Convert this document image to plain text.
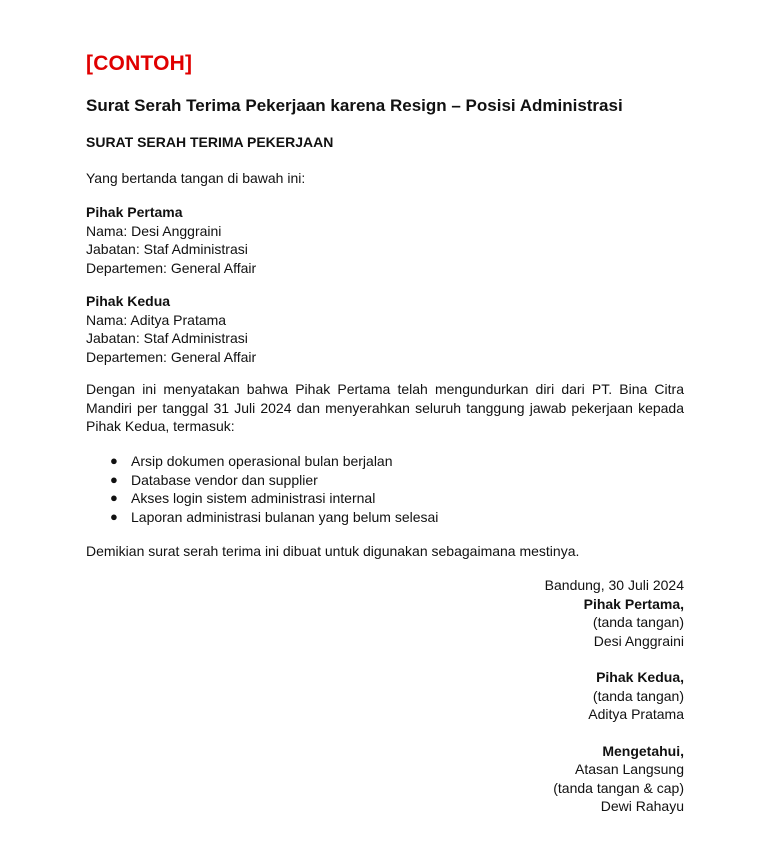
[CONTOH]
Surat Serah Terima Pekerjaan karena Resign – Posisi Administrasi
SURAT SERAH TERIMA PEKERJAAN
Yang bertanda tangan di bawah ini:
Pihak Pertama
Nama: Desi Anggraini
Jabatan: Staf Administrasi
Departemen: General Affair
Pihak Kedua
Nama: Aditya Pratama
Jabatan: Staf Administrasi
Departemen: General Affair
Dengan ini menyatakan bahwa Pihak Pertama telah mengundurkan diri dari PT. Bina Citra Mandiri per tanggal 31 Juli 2024 dan menyerahkan seluruh tanggung jawab pekerjaan kepada Pihak Kedua, termasuk:
● Arsip dokumen operasional bulan berjalan
● Database vendor dan supplier
● Akses login sistem administrasi internal
● Laporan administrasi bulanan yang belum selesai
Demikian surat serah terima ini dibuat untuk digunakan sebagaimana mestinya.
Bandung, 30 Juli 2024
Pihak Pertama,
(tanda tangan)
Desi Anggraini
Pihak Kedua,
(tanda tangan)
Aditya Pratama
Mengetahui,
Atasan Langsung
(tanda tangan & cap)
Dewi Rahayu
